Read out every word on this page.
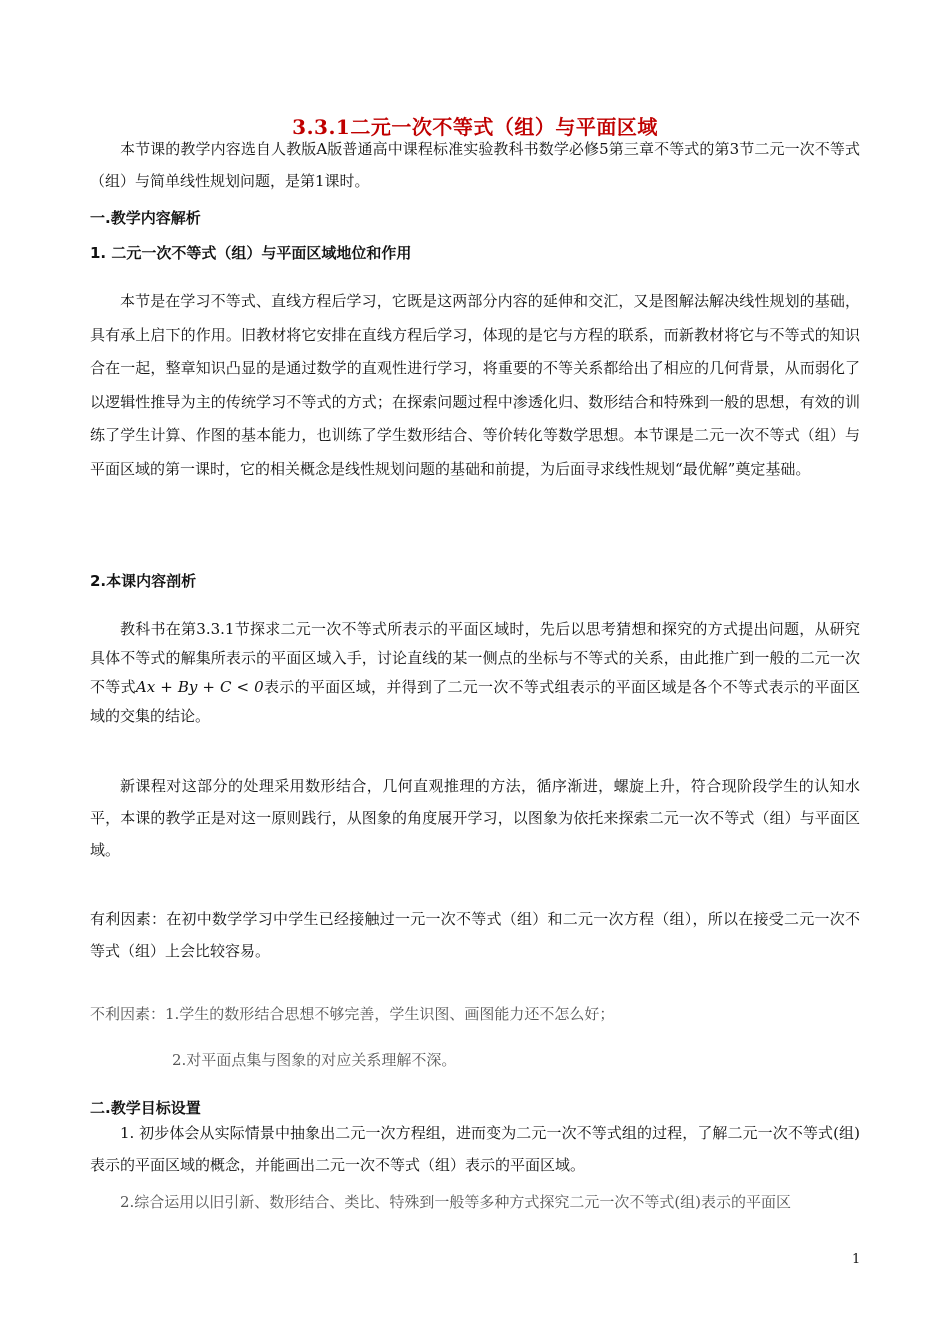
3.3.1二元一次不等式（组）与平面区域
本节课的教学内容选自人教版A版普通高中课程标准实验教科书数学必修5第三章不等式的第3节二元一次不等式（组）与简单线性规划问题，是第1课时。
一.教学内容解析
1. 二元一次不等式（组）与平面区域地位和作用
本节是在学习不等式、直线方程后学习，它既是这两部分内容的延伸和交汇，又是图解法解决线性规划的基础，具有承上启下的作用。旧教材将它安排在直线方程后学习，体现的是它与方程的联系，而新教材将它与不等式的知识合在一起，整章知识凸显的是通过数学的直观性进行学习，将重要的不等关系都给出了相应的几何背景，从而弱化了以逻辑性推导为主的传统学习不等式的方式；在探索问题过程中渗透化归、数形结合和特殊到一般的思想，有效的训练了学生计算、作图的基本能力，也训练了学生数形结合、等价转化等数学思想。本节课是二元一次不等式（组）与平面区域的第一课时，它的相关概念是线性规划问题的基础和前提，为后面寻求线性规划“最优解”奠定基础。
2.本课内容剖析
教科书在第3.3.1节探求二元一次不等式所表示的平面区域时，先后以思考猜想和探究的方式提出问题，从研究具体不等式的解集所表示的平面区域入手，讨论直线的某一侧点的坐标与不等式的关系，由此推广到一般的二元一次不等式Ax + By + C < 0表示的平面区域，并得到了二元一次不等式组表示的平面区域是各个不等式表示的平面区域的交集的结论。
新课程对这部分的处理采用数形结合，几何直观推理的方法，循序渐进，螺旋上升，符合现阶段学生的认知水平，本课的教学正是对这一原则践行，从图象的角度展开学习，以图象为依托来探索二元一次不等式（组）与平面区域。
有利因素：在初中数学学习中学生已经接触过一元一次不等式（组）和二元一次方程（组），所以在接受二元一次不等式（组）上会比较容易。
不利因素：1.学生的数形结合思想不够完善，学生识图、画图能力还不怎么好；
2.对平面点集与图象的对应关系理解不深。
二.教学目标设置
1. 初步体会从实际情景中抽象出二元一次方程组，进而变为二元一次不等式组的过程，了解二元一次不等式(组)表示的平面区域的概念，并能画出二元一次不等式（组）表示的平面区域。
2.综合运用以旧引新、数形结合、类比、特殊到一般等多种方式探究二元一次不等式(组)表示的平面区
1
